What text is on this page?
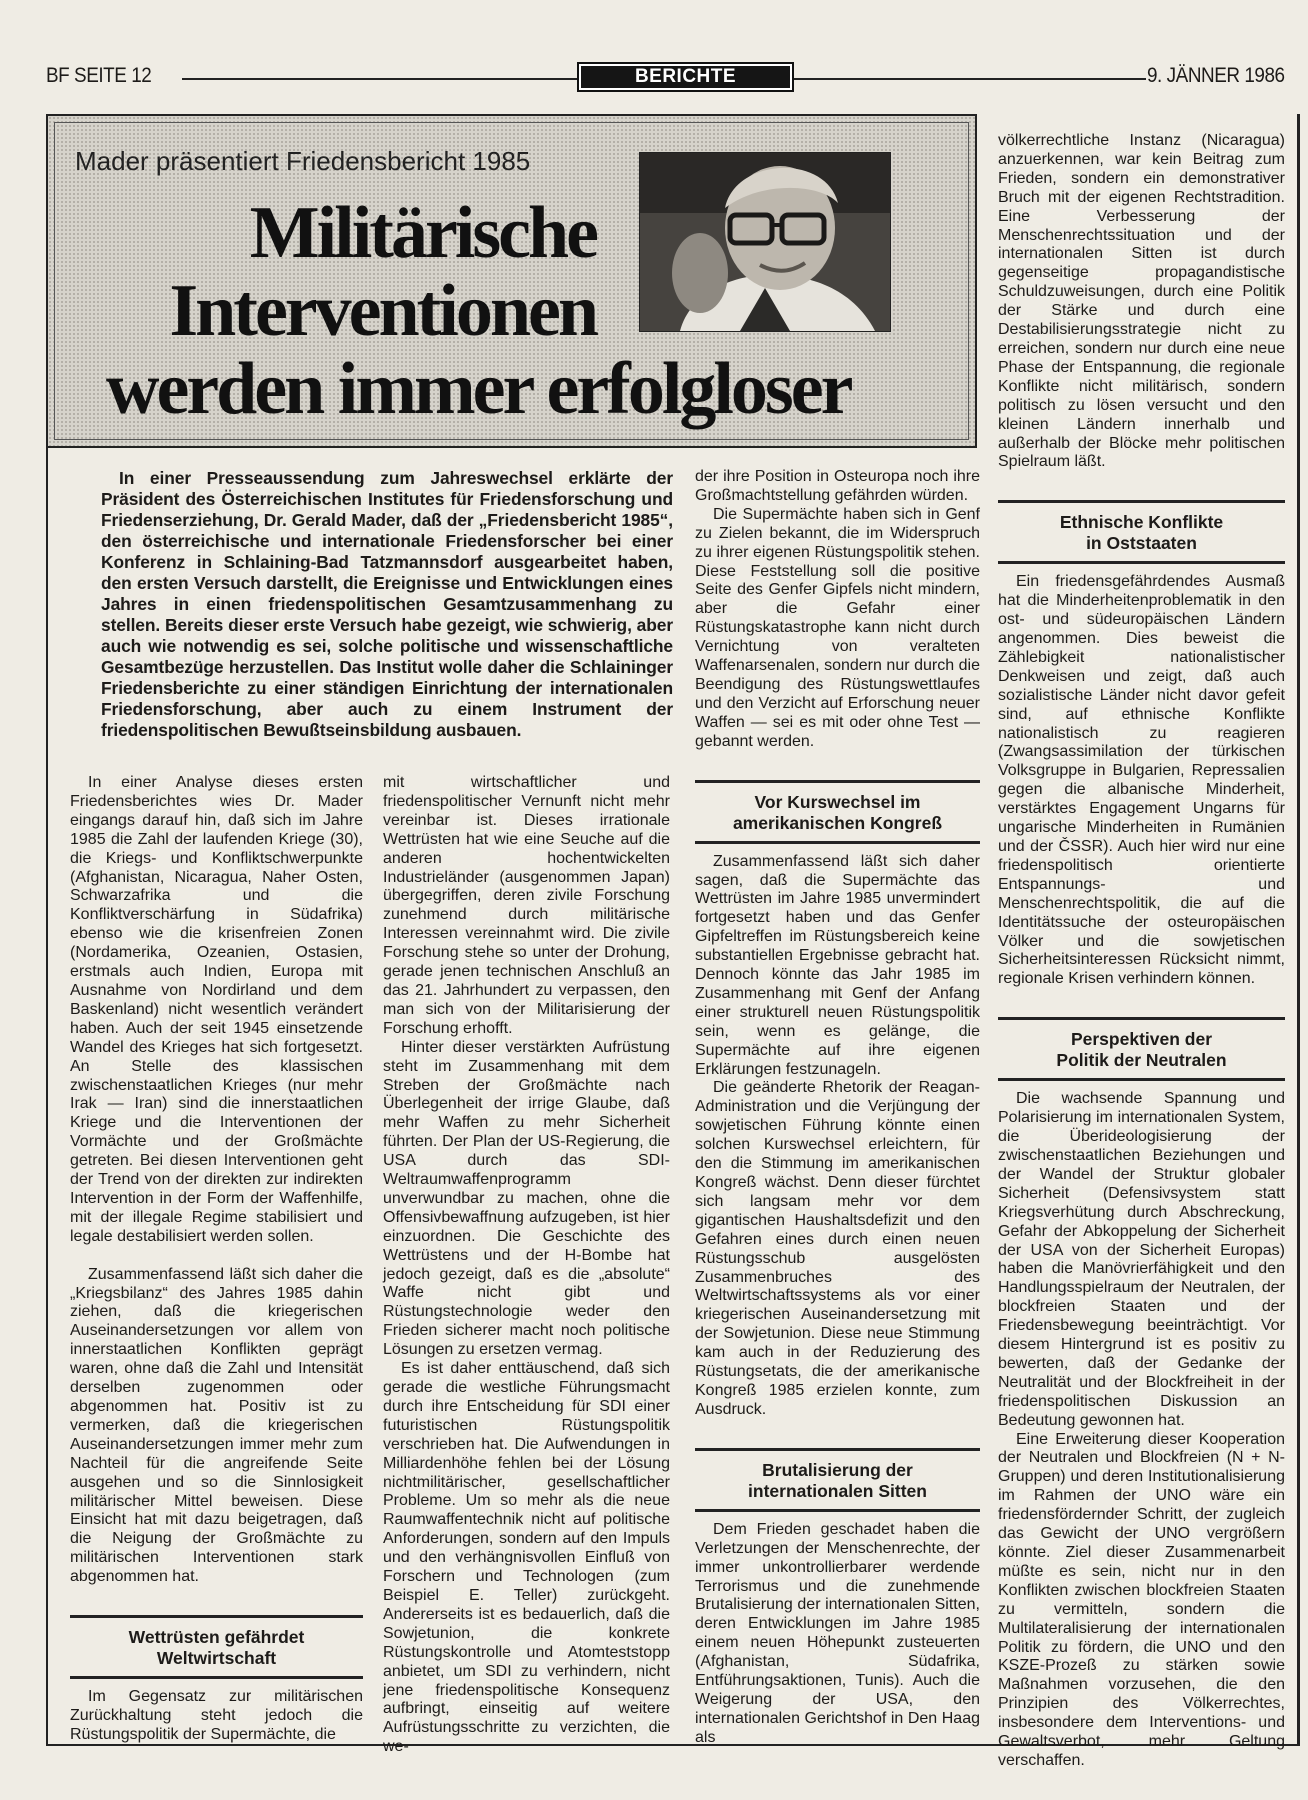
BF SEITE 12	BERICHTE	9. JÄNNER 1986
Mader präsentiert Friedensbericht 1985
Militärische
Interventionen
werden immer erfolgloser

In einer Presseaussendung zum Jahreswechsel erklärte der Präsident des Österreichischen Institutes für Friedensforschung und Friedenserziehung, Dr. Gerald Mader, daß der „Friedensbericht 1985“, den österreichische und internationale Friedensforscher bei einer Konferenz in Schlaining-Bad Tatzmannsdorf ausgearbeitet haben, den ersten Versuch darstellt, die Ereignisse und Entwicklungen eines Jahres in einen friedenspolitischen Gesamtzusammenhang zu stellen. Bereits dieser erste Versuch habe gezeigt, wie schwierig, aber auch wie notwendig es sei, solche politische und wissenschaftliche Gesamtbezüge herzustellen. Das Institut wolle daher die Schlaininger Friedensberichte zu einer ständigen Einrichtung der internationalen Friedensforschung, aber auch zu einem Instrument der friedenspolitischen Bewußtseinsbildung ausbauen.

In einer Analyse dieses ersten Friedensberichtes wies Dr. Mader eingangs darauf hin, daß sich im Jahre 1985 die Zahl der laufenden Kriege (30), die Kriegs- und Konfliktschwerpunkte (Afghanistan, Nicaragua, Naher Osten, Schwarzafrika und die Konfliktverschärfung in Südafrika) ebenso wie die krisenfreien Zonen (Nordamerika, Ozeanien, Ostasien, erstmals auch Indien, Europa mit Ausnahme von Nordirland und dem Baskenland) nicht wesentlich verändert haben. Auch der seit 1945 einsetzende Wandel des Krieges hat sich fortgesetzt. An Stelle des klassischen zwischenstaatlichen Krieges (nur mehr Irak — Iran) sind die innerstaatlichen Kriege und die Interventionen der Vormächte und der Großmächte getreten. Bei diesen Interventionen geht der Trend von der direkten zur indirekten Intervention in der Form der Waffenhilfe, mit der illegale Regime stabilisiert und legale destabilisiert werden sollen.

Zusammenfassend läßt sich daher die „Kriegsbilanz“ des Jahres 1985 dahin ziehen, daß die kriegerischen Auseinandersetzungen vor allem von innerstaatlichen Konflikten geprägt waren, ohne daß die Zahl und Intensität derselben zugenommen oder abgenommen hat. Positiv ist zu vermerken, daß die kriegerischen Auseinandersetzungen immer mehr zum Nachteil für die angreifende Seite ausgehen und so die Sinnlosigkeit militärischer Mittel beweisen. Diese Einsicht hat mit dazu beigetragen, daß die Neigung der Großmächte zu militärischen Interventionen stark abgenommen hat.

Wettrüsten gefährdet
Weltwirtschaft

Im Gegensatz zur militärischen Zurückhaltung steht jedoch die Rüstungspolitik der Supermächte, die

mit wirtschaftlicher und friedenspolitischer Vernunft nicht mehr vereinbar ist. Dieses irrationale Wettrüsten hat wie eine Seuche auf die anderen hochentwickelten Industrieländer (ausgenommen Japan) übergegriffen, deren zivile Forschung zunehmend durch militärische Interessen vereinnahmt wird. Die zivile Forschung stehe so unter der Drohung, gerade jenen technischen Anschluß an das 21. Jahrhundert zu verpassen, den man sich von der Militarisierung der Forschung erhofft.

Hinter dieser verstärkten Aufrüstung steht im Zusammenhang mit dem Streben der Großmächte nach Überlegenheit der irrige Glaube, daß mehr Waffen zu mehr Sicherheit führten. Der Plan der US-Regierung, die USA durch das SDI-Weltraumwaffenprogramm unverwundbar zu machen, ohne die Offensivbewaffnung aufzugeben, ist hier einzuordnen. Die Geschichte des Wettrüstens und der H-Bombe hat jedoch gezeigt, daß es die „absolute“ Waffe nicht gibt und Rüstungstechnologie weder den Frieden sicherer macht noch politische Lösungen zu ersetzen vermag.

Es ist daher enttäuschend, daß sich gerade die westliche Führungsmacht durch ihre Entscheidung für SDI einer futuristischen Rüstungspolitik verschrieben hat. Die Aufwendungen in Milliardenhöhe fehlen bei der Lösung nichtmilitärischer, gesellschaftlicher Probleme. Um so mehr als die neue Raumwaffentechnik nicht auf politische Anforderungen, sondern auf den Impuls und den verhängnisvollen Einfluß von Forschern und Technologen (zum Beispiel E. Teller) zurückgeht. Andererseits ist es bedauerlich, daß die Sowjetunion, die konkrete Rüstungskontrolle und Atomteststopp anbietet, um SDI zu verhindern, nicht jene friedenspolitische Konsequenz aufbringt, einseitig auf weitere Aufrüstungsschritte zu verzichten, die we-

der ihre Position in Osteuropa noch ihre Großmachtstellung gefährden würden.

Die Supermächte haben sich in Genf zu Zielen bekannt, die im Widerspruch zu ihrer eigenen Rüstungspolitik stehen. Diese Feststellung soll die positive Seite des Genfer Gipfels nicht mindern, aber die Gefahr einer Rüstungskatastrophe kann nicht durch Vernichtung von veralteten Waffenarsenalen, sondern nur durch die Beendigung des Rüstungswettlaufes und den Verzicht auf Erforschung neuer Waffen — sei es mit oder ohne Test — gebannt werden.

Vor Kurswechsel im
amerikanischen Kongreß

Zusammenfassend läßt sich daher sagen, daß die Supermächte das Wettrüsten im Jahre 1985 unvermindert fortgesetzt haben und das Genfer Gipfeltreffen im Rüstungsbereich keine substantiellen Ergebnisse gebracht hat. Dennoch könnte das Jahr 1985 im Zusammenhang mit Genf der Anfang einer strukturell neuen Rüstungspolitik sein, wenn es gelänge, die Supermächte auf ihre eigenen Erklärungen festzunageln.

Die geänderte Rhetorik der Reagan-Administration und die Verjüngung der sowjetischen Führung könnte einen solchen Kurswechsel erleichtern, für den die Stimmung im amerikanischen Kongreß wächst. Denn dieser fürchtet sich langsam mehr vor dem gigantischen Haushaltsdefizit und den Gefahren eines durch einen neuen Rüstungsschub ausgelösten Zusammenbruches des Weltwirtschaftssystems als vor einer kriegerischen Auseinandersetzung mit der Sowjetunion. Diese neue Stimmung kam auch in der Reduzierung des Rüstungsetats, die der amerikanische Kongreß 1985 erzielen konnte, zum Ausdruck.

Brutalisierung der
internationalen Sitten

Dem Frieden geschadet haben die Verletzungen der Menschenrechte, der immer unkontrollierbarer werdende Terrorismus und die zunehmende Brutalisierung der internationalen Sitten, deren Entwicklungen im Jahre 1985 einem neuen Höhepunkt zusteuerten (Afghanistan, Südafrika, Entführungsaktionen, Tunis). Auch die Weigerung der USA, den internationalen Gerichtshof in Den Haag als

völkerrechtliche Instanz (Nicaragua) anzuerkennen, war kein Beitrag zum Frieden, sondern ein demonstrativer Bruch mit der eigenen Rechtstradition. Eine Verbesserung der Menschenrechtssituation und der internationalen Sitten ist durch gegenseitige propagandistische Schuldzuweisungen, durch eine Politik der Stärke und durch eine Destabilisierungsstrategie nicht zu erreichen, sondern nur durch eine neue Phase der Entspannung, die regionale Konflikte nicht militärisch, sondern politisch zu lösen versucht und den kleinen Ländern innerhalb und außerhalb der Blöcke mehr politischen Spielraum läßt.

Ethnische Konflikte
in Oststaaten

Ein friedensgefährdendes Ausmaß hat die Minderheitenproblematik in den ost- und südeuropäischen Ländern angenommen. Dies beweist die Zählebigkeit nationalistischer Denkweisen und zeigt, daß auch sozialistische Länder nicht davor gefeit sind, auf ethnische Konflikte nationalistisch zu reagieren (Zwangsassimilation der türkischen Volksgruppe in Bulgarien, Repressalien gegen die albanische Minderheit, verstärktes Engagement Ungarns für ungarische Minderheiten in Rumänien und der ČSSR). Auch hier wird nur eine friedenspolitisch orientierte Entspannungs- und Menschenrechtspolitik, die auf die Identitätssuche der osteuropäischen Völker und die sowjetischen Sicherheitsinteressen Rücksicht nimmt, regionale Krisen verhindern können.

Perspektiven der
Politik der Neutralen

Die wachsende Spannung und Polarisierung im internationalen System, die Überideologisierung der zwischenstaatlichen Beziehungen und der Wandel der Struktur globaler Sicherheit (Defensivsystem statt Kriegsverhütung durch Abschreckung, Gefahr der Abkoppelung der Sicherheit der USA von der Sicherheit Europas) haben die Manövrierfähigkeit und den Handlungsspielraum der Neutralen, der blockfreien Staaten und der Friedensbewegung beeinträchtigt. Vor diesem Hintergrund ist es positiv zu bewerten, daß der Gedanke der Neutralität und der Blockfreiheit in der friedenspolitischen Diskussion an Bedeutung gewonnen hat.

Eine Erweiterung dieser Kooperation der Neutralen und Blockfreien (N + N-Gruppen) und deren Institutionalisierung im Rahmen der UNO wäre ein friedensfördernder Schritt, der zugleich das Gewicht der UNO vergrößern könnte. Ziel dieser Zusammenarbeit müßte es sein, nicht nur in den Konflikten zwischen blockfreien Staaten zu vermitteln, sondern die Multilateralisierung der internationalen Politik zu fördern, die UNO und den KSZE-Prozeß zu stärken sowie Maßnahmen vorzusehen, die den Prinzipien des Völkerrechtes, insbesondere dem Interventions- und Gewaltsverbot, mehr Geltung verschaffen.
